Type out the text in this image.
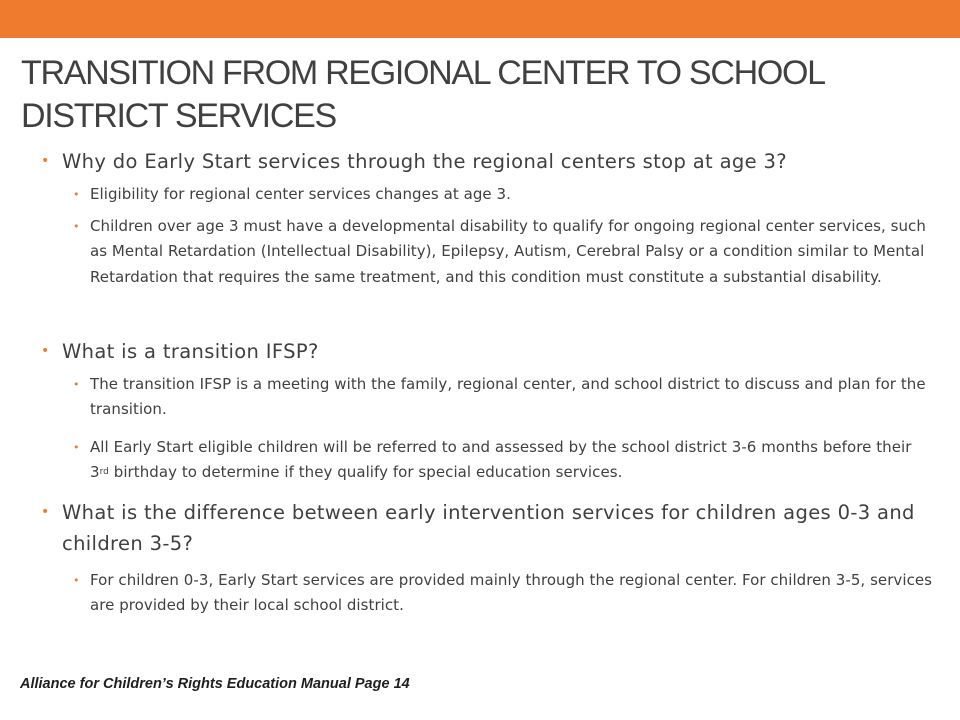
TRANSITION FROM REGIONAL CENTER TO SCHOOL DISTRICT SERVICES

• Why do Early Start services through the regional centers stop at age 3?

• Eligibility for regional center services changes at age 3.

• Children over age 3 must have a developmental disability to qualify for ongoing regional center services, such as Mental Retardation (Intellectual Disability), Epilepsy, Autism, Cerebral Palsy or a condition similar to Mental Retardation that requires the same treatment, and this condition must constitute a substantial disability.

• What is a transition IFSP?

• The transition IFSP is a meeting with the family, regional center, and school district to discuss and plan for the transition.

• All Early Start eligible children will be referred to and assessed by the school district 3-6 months before their 3rd birthday to determine if they qualify for special education services.

• What is the difference between early intervention services for children ages 0-3 and children 3-5?

• For children 0-3, Early Start services are provided mainly through the regional center. For children 3-5, services are provided by their local school district.

Alliance for Children’s Rights Education Manual Page 14
